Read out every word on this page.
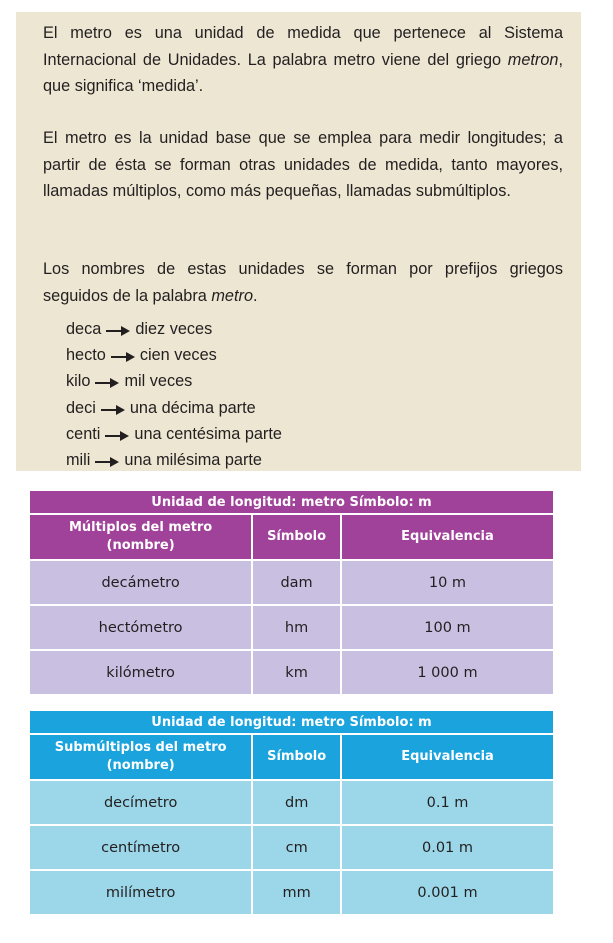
El metro es una unidad de medida que pertenece al Sistema Internacional de Unidades. La palabra metro viene del griego metron, que significa ‘medida’.

El metro es la unidad base que se emplea para medir longitudes; a partir de ésta se forman otras unidades de medida, tanto mayores, llamadas múltiplos, como más pequeñas, llamadas submúltiplos.

Los nombres de estas unidades se forman por prefijos griegos seguidos de la palabra metro.

deca diez veces
hecto cien veces
kilo mil veces
deci una décima parte
centi una centésima parte
mili una milésima parte
Unidad de longitud: metro Símbolo: m		

Múltiplos del metro (nombre)	Símbolo	Equivalencia

decámetro	dam	10 m

hectómetro	hm	100 m

kilómetro	km	1 000 m
Unidad de longitud: metro Símbolo: m		

Submúltiplos del metro (nombre)	Símbolo	Equivalencia

decímetro	dm	0.1 m

centímetro	cm	0.01 m

milímetro	mm	0.001 m
